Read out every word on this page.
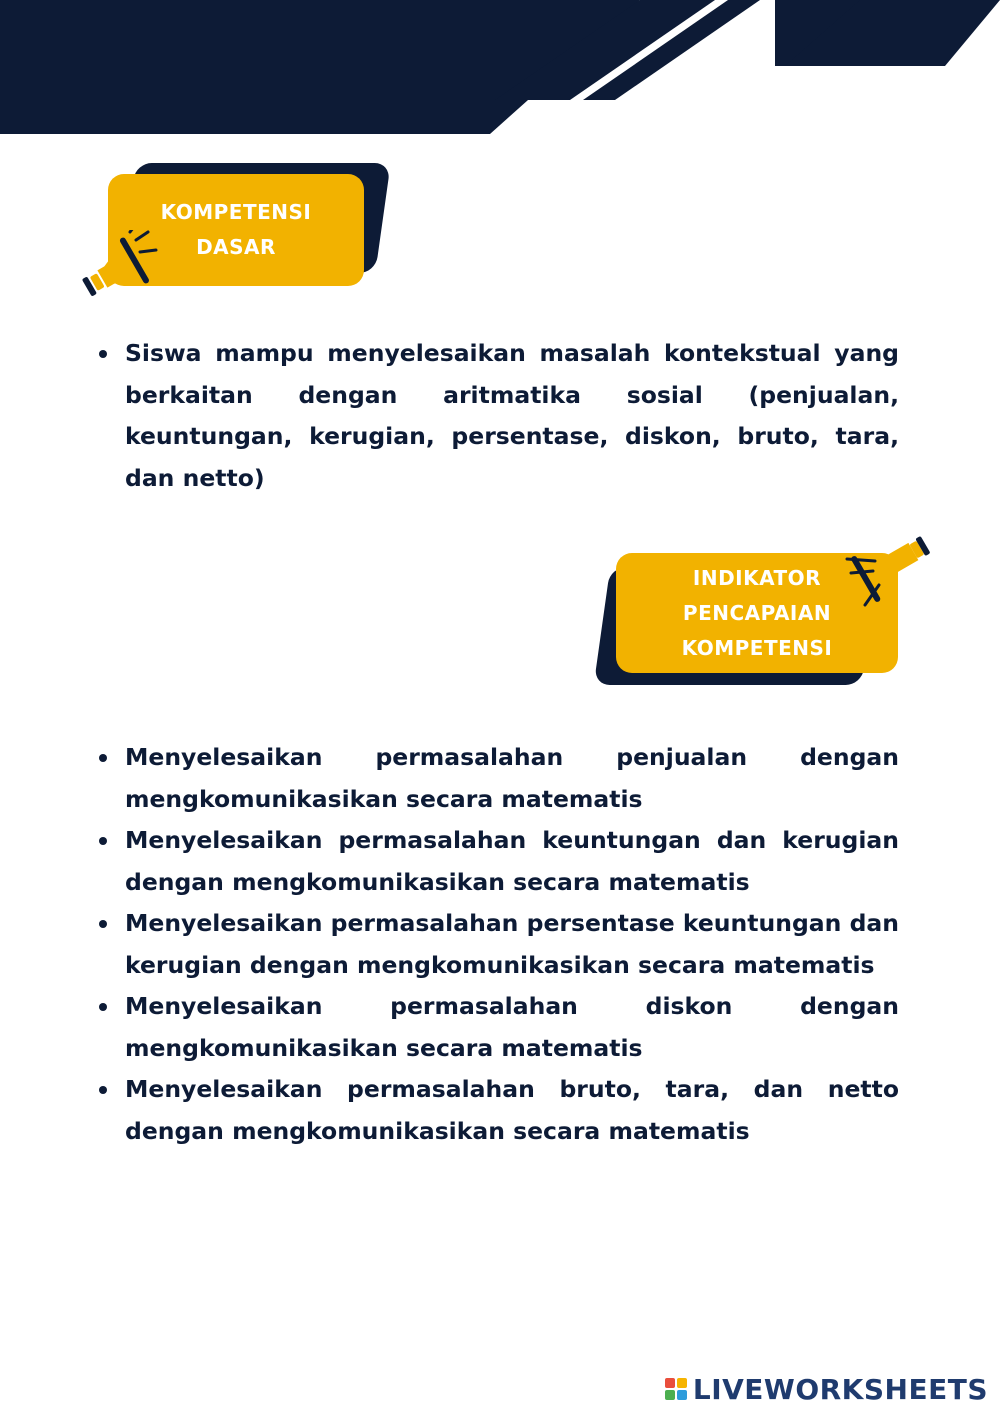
KOMPETENSI
DASAR
Siswa mampu menyelesaikan masalah kontekstual yang berkaitan dengan aritmatika sosial (penjualan, keuntungan, kerugian, persentase, diskon, bruto, tara, dan netto)
INDIKATOR
PENCAPAIAN
KOMPETENSI
Menyelesaikan permasalahan penjualan dengan mengkomunikasikan secara matematis
Menyelesaikan permasalahan keuntungan dan kerugian dengan mengkomunikasikan secara matematis
Menyelesaikan permasalahan persentase keuntungan dan kerugian dengan mengkomunikasikan secara matematis
Menyelesaikan permasalahan diskon dengan mengkomunikasikan secara matematis
Menyelesaikan permasalahan bruto, tara, dan netto dengan mengkomunikasikan secara matematis
LIVEWORKSHEETS
